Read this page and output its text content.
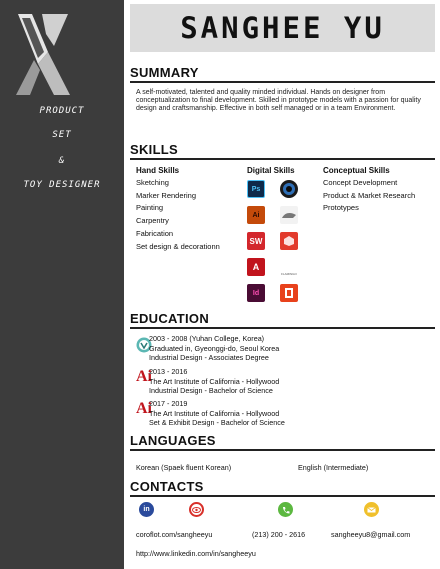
PRODUCT
SET
&
TOY DESIGNER
SANGHEE YU
SUMMARY
A self-motivated, talented and quality minded individual. Hands on designer from conceptualization to final development. Skilled in prototype models with a passion for quality design and craftsmanship. Effective in both self managed or in a team Environment.
SKILLS
Hand Skills
Sketching
Marker Rendering
Painting
Carpentry
Fabrication
Set design & decorationn
Digital Skills
Ps
Ai
SW
A
FLAMINGO
Id
Conceptual Skills
Concept Development
Product & Market Research
Prototypes
EDUCATION
2003 - 2008 (Yuhan College, Korea)
Graduated in, Gyeonggi-do, Seoul Korea
Industrial Design - Associates Degree
Ai
2013 - 2016
The Art Institute of California - Hollywood
Industrial Design - Bachelor of Science
Ai
2017 - 2019
The Art Institute of California - Hollywood
Set & Exhibit Design - Bachelor of Science
LANGUAGES
Korean (Spaek fluent Korean)	English (Intermediate)
CONTACTS
in
coroflot.com/sangheeyu	(213) 200 - 2616	sangheeyu8@gmail.com
http://www.linkedin.com/in/sangheeyu
